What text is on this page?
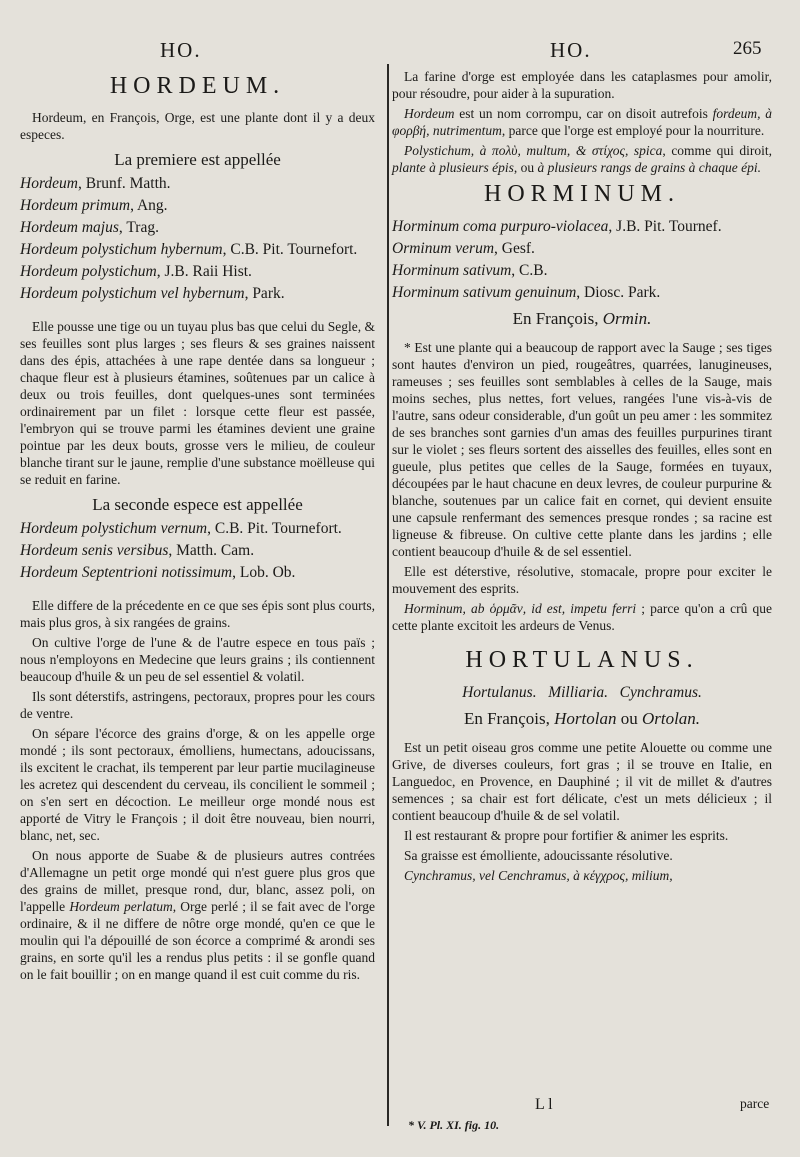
HO.	HO.	265
HORDEUM.

Hordeum, en François, Orge, est une plante dont il y a deux especes.

La premiere est appellée

Hordeum, Brunf. Matth.

Hordeum primum, Ang.

Hordeum majus, Trag.

Hordeum polystichum hybernum, C.B. Pit. Tournefort.

Hordeum polystichum, J.B. Raii Hist.

Hordeum polystichum vel hybernum, Park.

Elle pousse une tige ou un tuyau plus bas que celui du Segle, & ses feuilles sont plus larges ; ses fleurs & ses graines naissent dans des épis, attachées à une rape dentée dans sa longueur ; chaque fleur est à plusieurs étamines, soûtenues par un calice à deux ou trois feuilles, dont quelques-unes sont terminées ordinairement par un filet : lorsque cette fleur est passée, l'embryon qui se trouve parmi les étamines devient une graine pointue par les deux bouts, grosse vers le milieu, de couleur blanche tirant sur le jaune, remplie d'une substance moëlleuse qui se reduit en farine.

La seconde espece est appellée

Hordeum polystichum vernum, C.B. Pit. Tournefort.

Hordeum senis versibus, Matth. Cam.

Hordeum Septentrioni notissimum, Lob. Ob.

Elle differe de la précedente en ce que ses épis sont plus courts, mais plus gros, à six rangées de grains.

On cultive l'orge de l'une & de l'autre espece en tous païs ; nous n'employons en Medecine que leurs grains ; ils contiennent beaucoup d'huile & un peu de sel essentiel & volatil.

Ils sont déterstifs, astringens, pectoraux, propres pour les cours de ventre.

On sépare l'écorce des grains d'orge, & on les appelle orge mondé ; ils sont pectoraux, émolliens, humectans, adoucissans, ils excitent le crachat, ils temperent par leur partie mucilagineuse les acretez qui descendent du cerveau, ils concilient le sommeil ; on s'en sert en décoction. Le meilleur orge mondé nous est apporté de Vitry le François ; il doit être nouveau, bien nourri, blanc, net, sec.

On nous apporte de Suabe & de plusieurs autres contrées d'Allemagne un petit orge mondé qui n'est guere plus gros que des grains de millet, presque rond, dur, blanc, assez poli, on l'appelle Hordeum perlatum, Orge perlé ; il se fait avec de l'orge ordinaire, & il ne differe de nôtre orge mondé, qu'en ce que le moulin qui l'a dépouillé de son écorce a comprimé & arondi ses grains, en sorte qu'il les a rendus plus petits : il se gonfle quand on le fait bouillir ; on en mange quand il est cuit comme du ris.

La farine d'orge est employée dans les cataplasmes pour amolir, pour résoudre, pour aider à la supuration.

Hordeum est un nom corrompu, car on disoit autrefois fordeum, à φορβή, nutrimentum, parce que l'orge est employé pour la nourriture.

Polystichum, à πολὺ, multum, & στίχος, spica, comme qui diroit, plante à plusieurs épis, ou à plusieurs rangs de grains à chaque épi.

HORMINUM.

Horminum coma purpuro-violacea, J.B. Pit. Tournef.

Orminum verum, Gesf.

Horminum sativum, C.B.

Horminum sativum genuinum, Diosc. Park.

En François, Ormin.

* Est une plante qui a beaucoup de rapport avec la Sauge ; ses tiges sont hautes d'environ un pied, rougeâtres, quarrées, lanugineuses, rameuses ; ses feuilles sont semblables à celles de la Sauge, mais moins seches, plus nettes, fort velues, rangées l'une vis-à-vis de l'autre, sans odeur considerable, d'un goût un peu amer : les sommitez de ses branches sont garnies d'un amas des feuilles purpurines tirant sur le violet ; ses fleurs sortent des aisselles des feuilles, elles sont en gueule, plus petites que celles de la Sauge, formées en tuyaux, découpées par le haut chacune en deux levres, de couleur purpurine & blanche, soutenues par un calice fait en cornet, qui devient ensuite une capsule renfermant des semences presque rondes ; sa racine est ligneuse & fibreuse. On cultive cette plante dans les jardins ; elle contient beaucoup d'huile & de sel essentiel.

Elle est déterstive, résolutive, stomacale, propre pour exciter le mouvement des esprits.

Horminum, ab ὁρμᾶν, id est, impetu ferri ; parce qu'on a crû que cette plante excitoit les ardeurs de Venus.

HORTULANUS.

Hortulanus.   Milliaria.   Cynchramus.

En François, Hortolan ou Ortolan.

Est un petit oiseau gros comme une petite Alouette ou comme une Grive, de diverses couleurs, fort gras ; il se trouve en Italie, en Languedoc, en Provence, en Dauphiné ; il vit de millet & d'autres semences ; sa chair est fort délicate, c'est un mets délicieux ; il contient beaucoup d'huile & de sel volatil.

Il est restaurant & propre pour fortifier & animer les esprits.

Sa graisse est émolliente, adoucissante résolutive.

Cynchramus, vel Cenchramus, à κέγχρος, milium,

L l	parce
* V. Pl. XI. fig. 10.
